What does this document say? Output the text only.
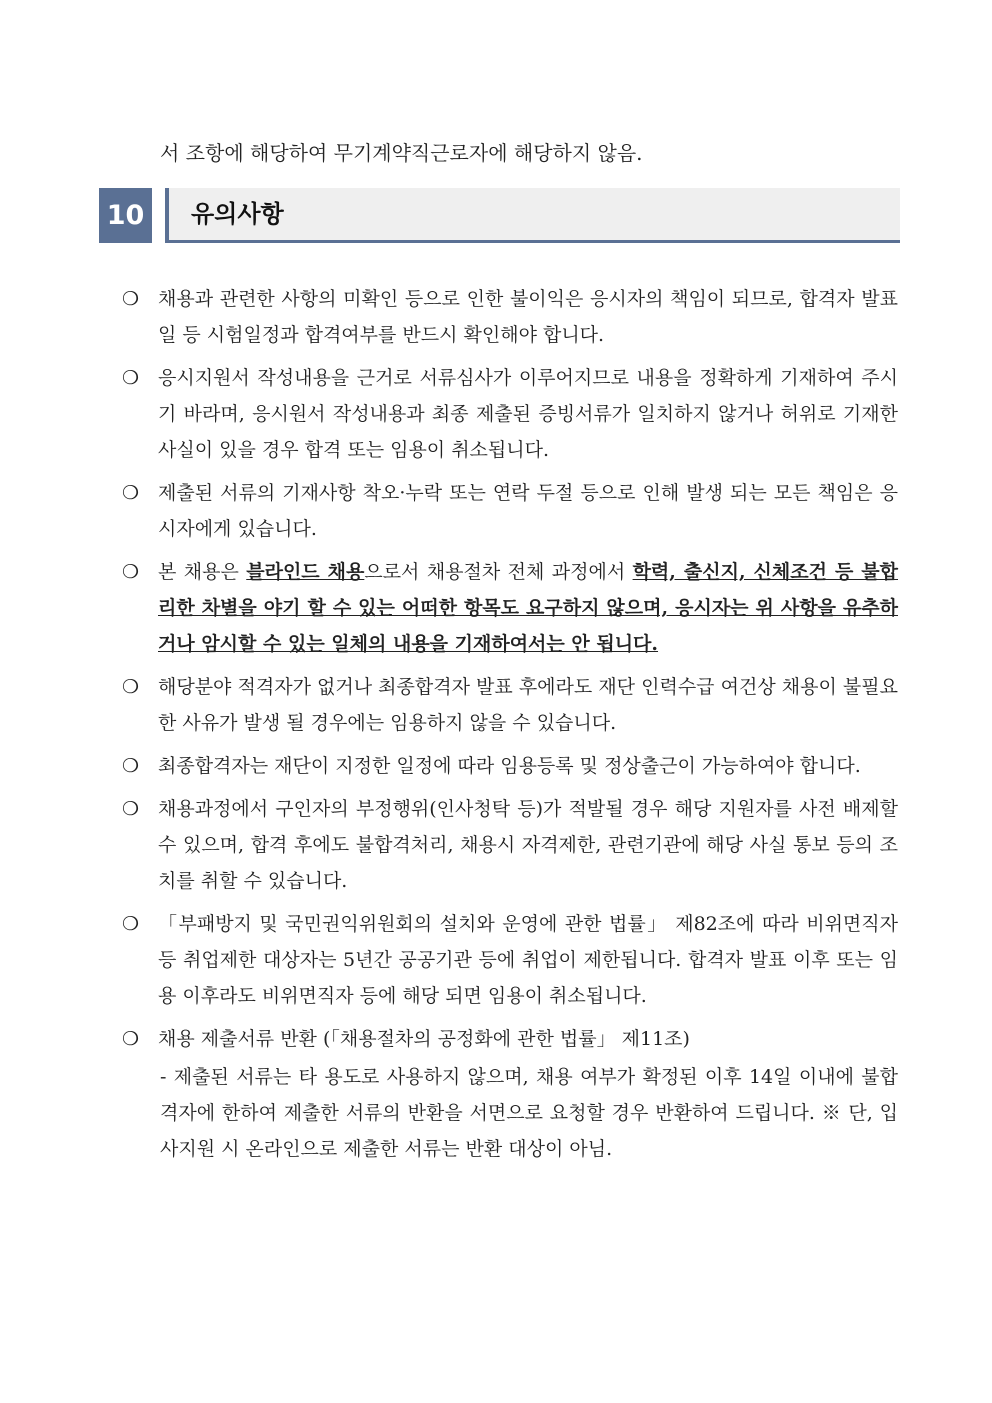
서 조항에 해당하여 무기계약직근로자에 해당하지 않음.
10	유의사항
❍ 채용과 관련한 사항의 미확인 등으로 인한 불이익은 응시자의 책임이 되므로, 합격자 발표일 등 시험일정과 합격여부를 반드시 확인해야 합니다.
❍ 응시지원서 작성내용을 근거로 서류심사가 이루어지므로 내용을 정확하게 기재하여 주시기 바라며, 응시원서 작성내용과 최종 제출된 증빙서류가 일치하지 않거나 허위로 기재한 사실이 있을 경우 합격 또는 임용이 취소됩니다.
❍ 제출된 서류의 기재사항 착오·누락 또는 연락 두절 등으로 인해 발생 되는 모든 책임은 응시자에게 있습니다.
❍ 본 채용은 블라인드 채용으로서 채용절차 전체 과정에서 학력, 출신지, 신체조건 등 불합리한 차별을 야기 할 수 있는 어떠한 항목도 요구하지 않으며, 응시자는 위 사항을 유추하거나 암시할 수 있는 일체의 내용을 기재하여서는 안 됩니다.
❍ 해당분야 적격자가 없거나 최종합격자 발표 후에라도 재단 인력수급 여건상 채용이 불필요한 사유가 발생 될 경우에는 임용하지 않을 수 있습니다.
❍ 최종합격자는 재단이 지정한 일정에 따라 임용등록 및 정상출근이 가능하여야 합니다.
❍ 채용과정에서 구인자의 부정행위(인사청탁 등)가 적발될 경우 해당 지원자를 사전 배제할 수 있으며, 합격 후에도 불합격처리, 채용시 자격제한, 관련기관에 해당 사실 통보 등의 조치를 취할 수 있습니다.
❍ 「부패방지 및 국민권익위원회의 설치와 운영에 관한 법률」 제82조에 따라 비위면직자등 취업제한 대상자는 5년간 공공기관 등에 취업이 제한됩니다. 합격자 발표 이후 또는 임용 이후라도 비위면직자 등에 해당 되면 임용이 취소됩니다.
❍ 채용 제출서류 반환 (「채용절차의 공정화에 관한 법률」 제11조)
- 제출된 서류는 타 용도로 사용하지 않으며, 채용 여부가 확정된 이후 14일 이내에 불합격자에 한하여 제출한 서류의 반환을 서면으로 요청할 경우 반환하여 드립니다. ※ 단, 입사지원 시 온라인으로 제출한 서류는 반환 대상이 아님.
